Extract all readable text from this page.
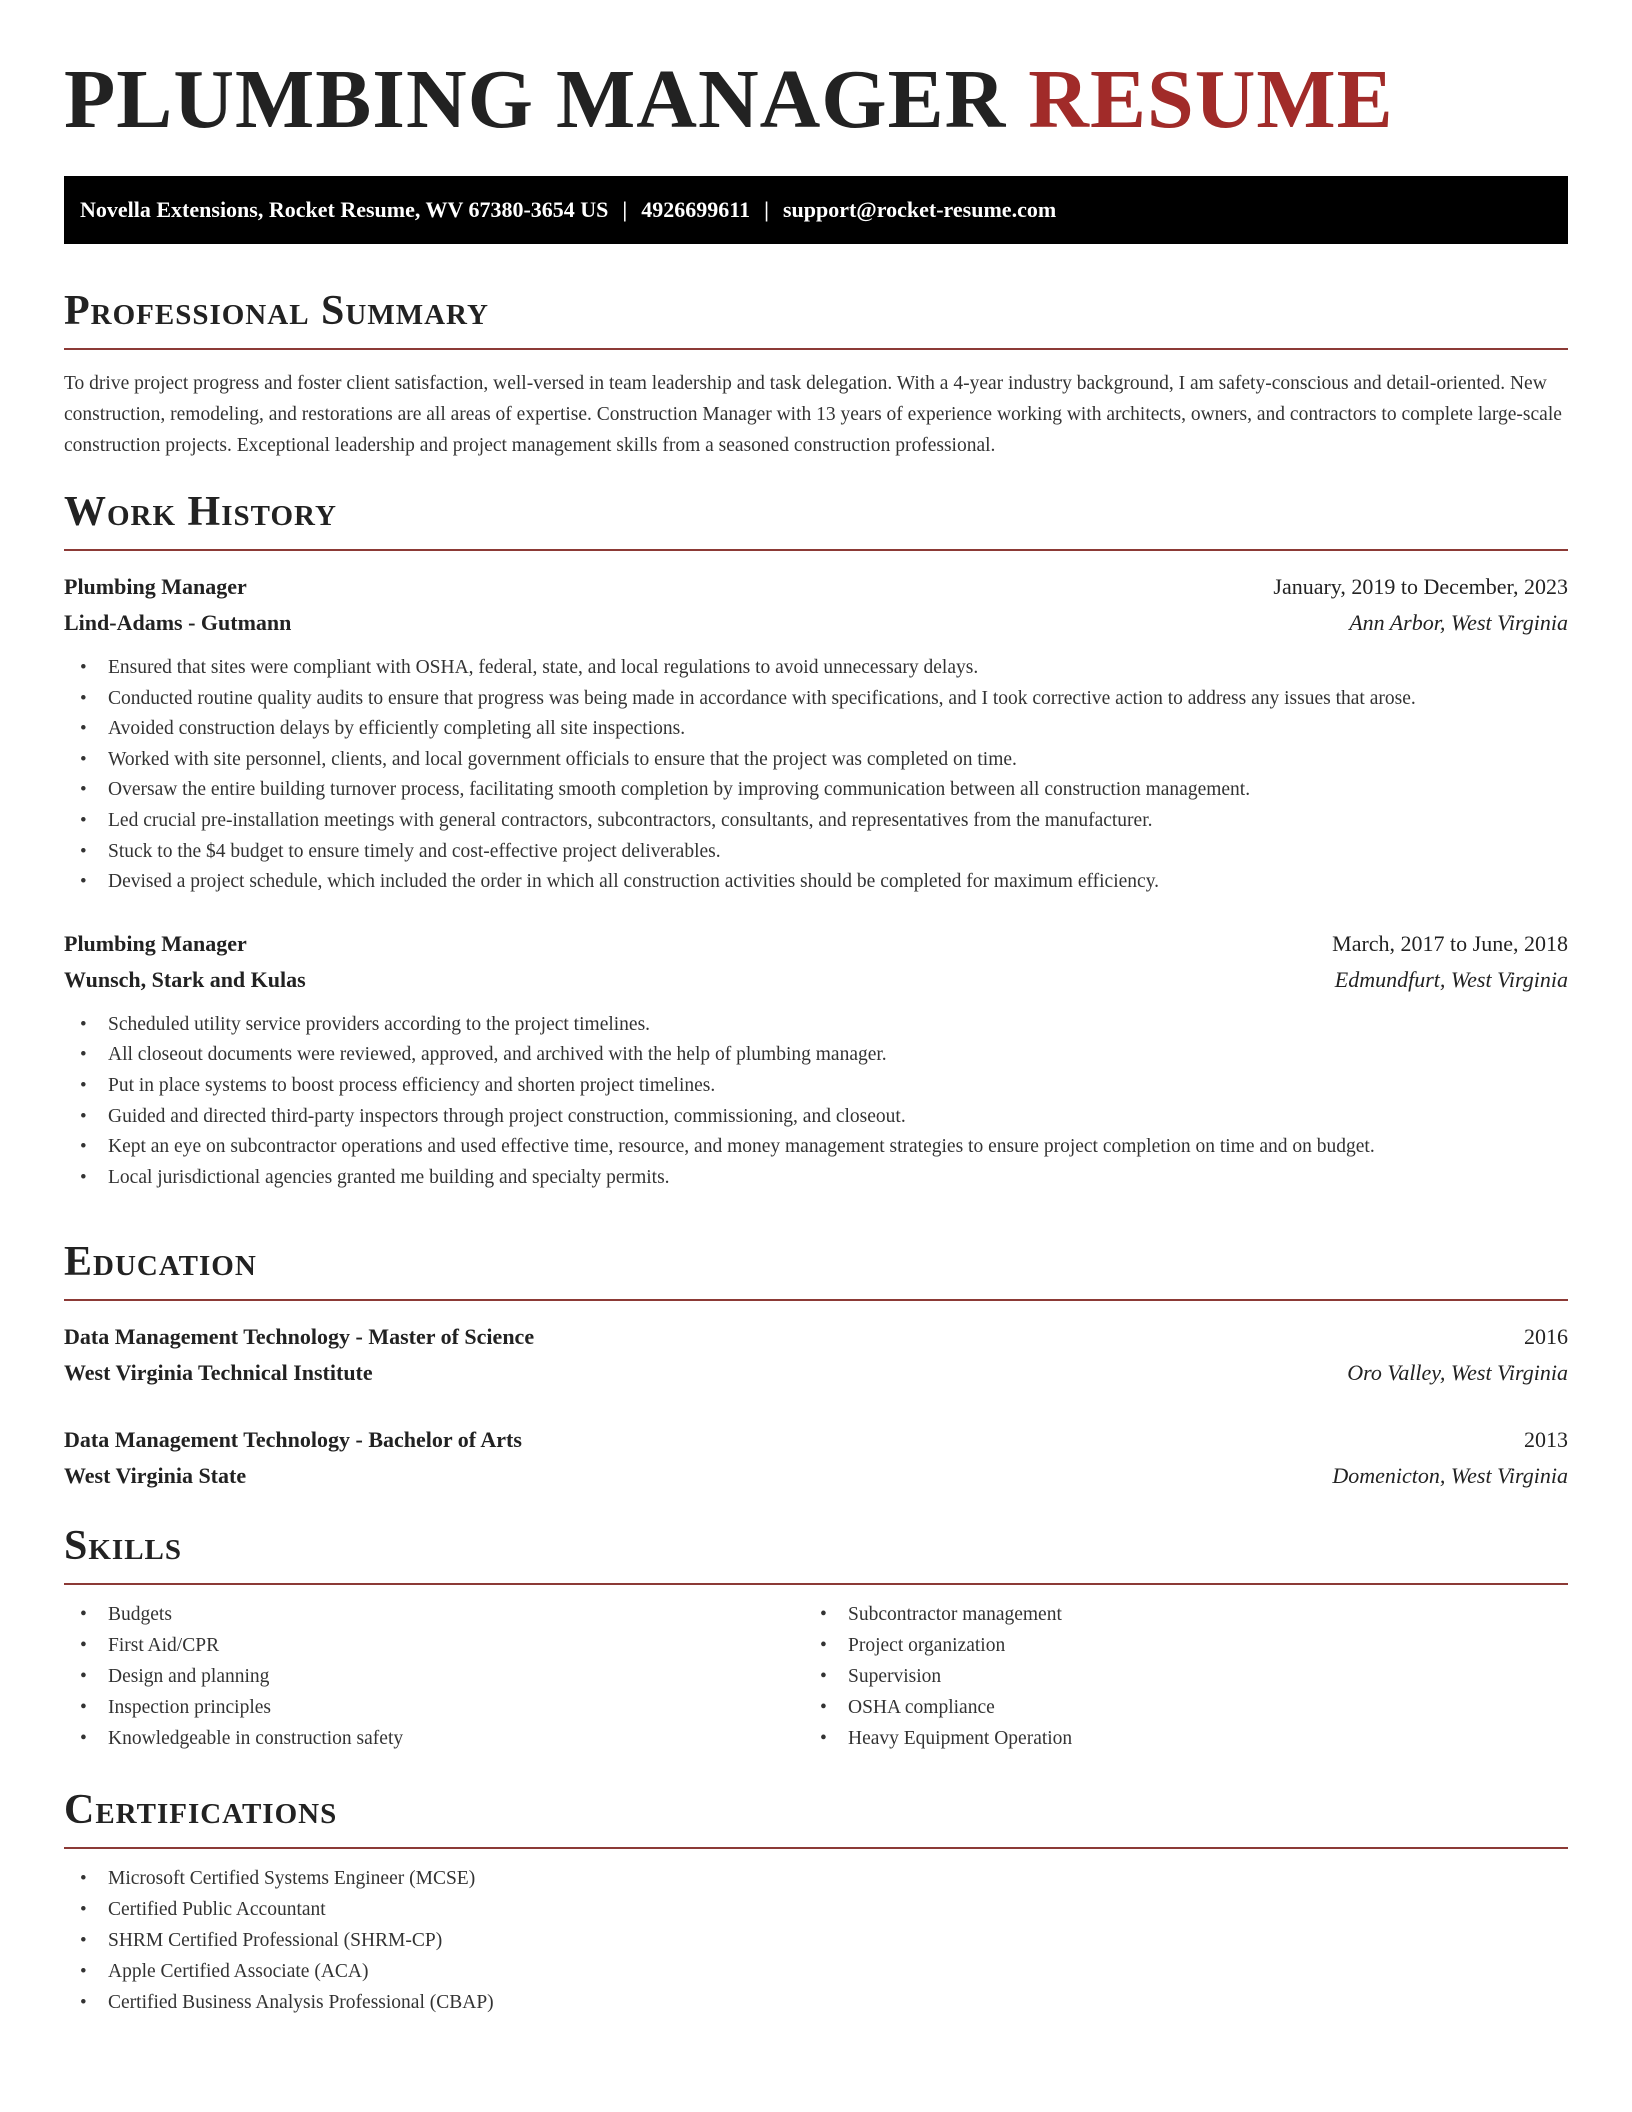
PLUMBING MANAGER RESUME
Novella Extensions, Rocket Resume, WV 67380-3654 US | 4926699611 | support@rocket-resume.com
Professional Summary

To drive project progress and foster client satisfaction, well-versed in team leadership and task delegation. With a 4-year industry background, I am safety-conscious and detail-oriented. New construction, remodeling, and restorations are all areas of expertise. Construction Manager with 13 years of experience working with architects, owners, and contractors to complete large-scale construction projects. Exceptional leadership and project management skills from a seasoned construction professional.

Work History
Plumbing Manager	January, 2019 to December, 2023
Lind-Adams - Gutmann	Ann Arbor, West Virginia
• Ensured that sites were compliant with OSHA, federal, state, and local regulations to avoid unnecessary delays.
• Conducted routine quality audits to ensure that progress was being made in accordance with specifications, and I took corrective action to address any issues that arose.
• Avoided construction delays by efficiently completing all site inspections.
• Worked with site personnel, clients, and local government officials to ensure that the project was completed on time.
• Oversaw the entire building turnover process, facilitating smooth completion by improving communication between all construction management.
• Led crucial pre-installation meetings with general contractors, subcontractors, consultants, and representatives from the manufacturer.
• Stuck to the $4 budget to ensure timely and cost-effective project deliverables.
• Devised a project schedule, which included the order in which all construction activities should be completed for maximum efficiency.
Plumbing Manager	March, 2017 to June, 2018
Wunsch, Stark and Kulas	Edmundfurt, West Virginia
• Scheduled utility service providers according to the project timelines.
• All closeout documents were reviewed, approved, and archived with the help of plumbing manager.
• Put in place systems to boost process efficiency and shorten project timelines.
• Guided and directed third-party inspectors through project construction, commissioning, and closeout.
• Kept an eye on subcontractor operations and used effective time, resource, and money management strategies to ensure project completion on time and on budget.
• Local jurisdictional agencies granted me building and specialty permits.
Education
Data Management Technology - Master of Science	2016
West Virginia Technical Institute	Oro Valley, West Virginia
Data Management Technology - Bachelor of Arts	2013
West Virginia State	Domenicton, West Virginia
Skills
• Budgets
• First Aid/CPR
• Design and planning
• Inspection principles
• Knowledgeable in construction safety
• Subcontractor management
• Project organization
• Supervision
• OSHA compliance
• Heavy Equipment Operation
Certifications
• Microsoft Certified Systems Engineer (MCSE)
• Certified Public Accountant
• SHRM Certified Professional (SHRM-CP)
• Apple Certified Associate (ACA)
• Certified Business Analysis Professional (CBAP)
